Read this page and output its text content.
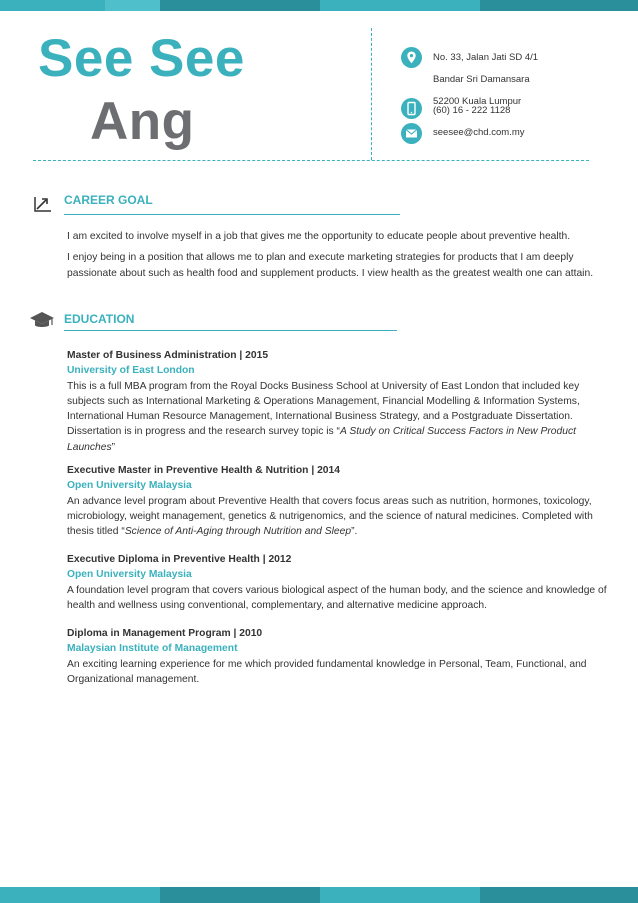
See See
Ang
No. 33, Jalan Jati SD 4/1
Bandar Sri Damansara
52200 Kuala Lumpur
(60) 16 - 222 1128
seesee@chd.com.my
CAREER GOAL

I am excited to involve myself in a job that gives me the opportunity to educate people about preventive health.

I enjoy being in a position that allows me to plan and execute marketing strategies for products that I am deeply passionate about such as health food and supplement products. I view health as the greatest wealth one can attain.

EDUCATION
Master of Business Administration | 2015
University of East London
This is a full MBA program from the Royal Docks Business School at University of East London that included key subjects such as International Marketing & Operations Management, Financial Modelling & Information Systems, International Human Resource Management, International Business Strategy, and a Postgraduate Dissertation. Dissertation is in progress and the research survey topic is “A Study on Critical Success Factors in New Product Launches”
Executive Master in Preventive Health & Nutrition | 2014
Open University Malaysia
An advance level program about Preventive Health that covers focus areas such as nutrition, hormones, toxicology, microbiology, weight management, genetics & nutrigenomics, and the science of natural medicines. Completed with thesis titled “Science of Anti-Aging through Nutrition and Sleep”.
Executive Diploma in Preventive Health | 2012
Open University Malaysia
A foundation level program that covers various biological aspect of the human body, and the science and knowledge of health and wellness using conventional, complementary, and alternative medicine approach.
Diploma in Management Program | 2010
Malaysian Institute of Management
An exciting learning experience for me which provided fundamental knowledge in Personal, Team, Functional, and Organizational management.
